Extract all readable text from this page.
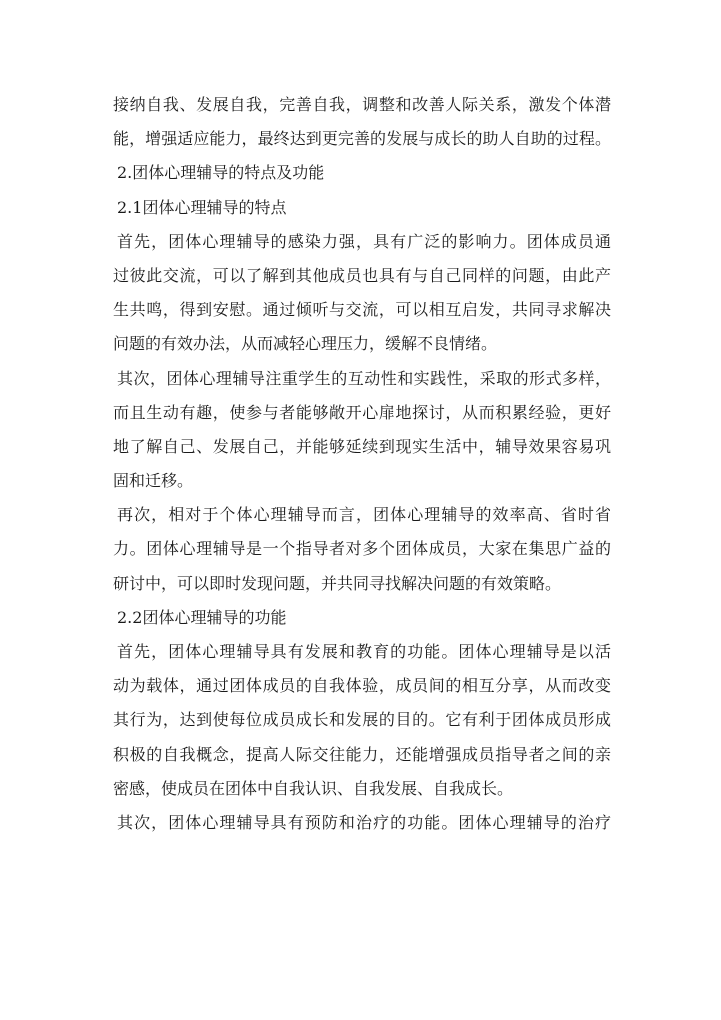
接纳自我、发展自我，完善自我，调整和改善人际关系，激发个体潜
能，增强适应能力，最终达到更完善的发展与成长的助人自助的过程。
2.团体心理辅导的特点及功能
2.1团体心理辅导的特点
首先，团体心理辅导的感染力强，具有广泛的影响力。团体成员通
过彼此交流，可以了解到其他成员也具有与自己同样的问题，由此产
生共鸣，得到安慰。通过倾听与交流，可以相互启发，共同寻求解决
问题的有效办法，从而减轻心理压力，缓解不良情绪。
其次，团体心理辅导注重学生的互动性和实践性，采取的形式多样，
而且生动有趣，使参与者能够敞开心扉地探讨，从而积累经验，更好
地了解自己、发展自己，并能够延续到现实生活中，辅导效果容易巩
固和迁移。
再次，相对于个体心理辅导而言，团体心理辅导的效率高、省时省
力。团体心理辅导是一个指导者对多个团体成员，大家在集思广益的
研讨中，可以即时发现问题，并共同寻找解决问题的有效策略。
2.2团体心理辅导的功能
首先，团体心理辅导具有发展和教育的功能。团体心理辅导是以活
动为载体，通过团体成员的自我体验，成员间的相互分享，从而改变
其行为，达到使每位成员成长和发展的目的。它有利于团体成员形成
积极的自我概念，提高人际交往能力，还能增强成员指导者之间的亲
密感，使成员在团体中自我认识、自我发展、自我成长。
其次，团体心理辅导具有预防和治疗的功能。团体心理辅导的治疗
